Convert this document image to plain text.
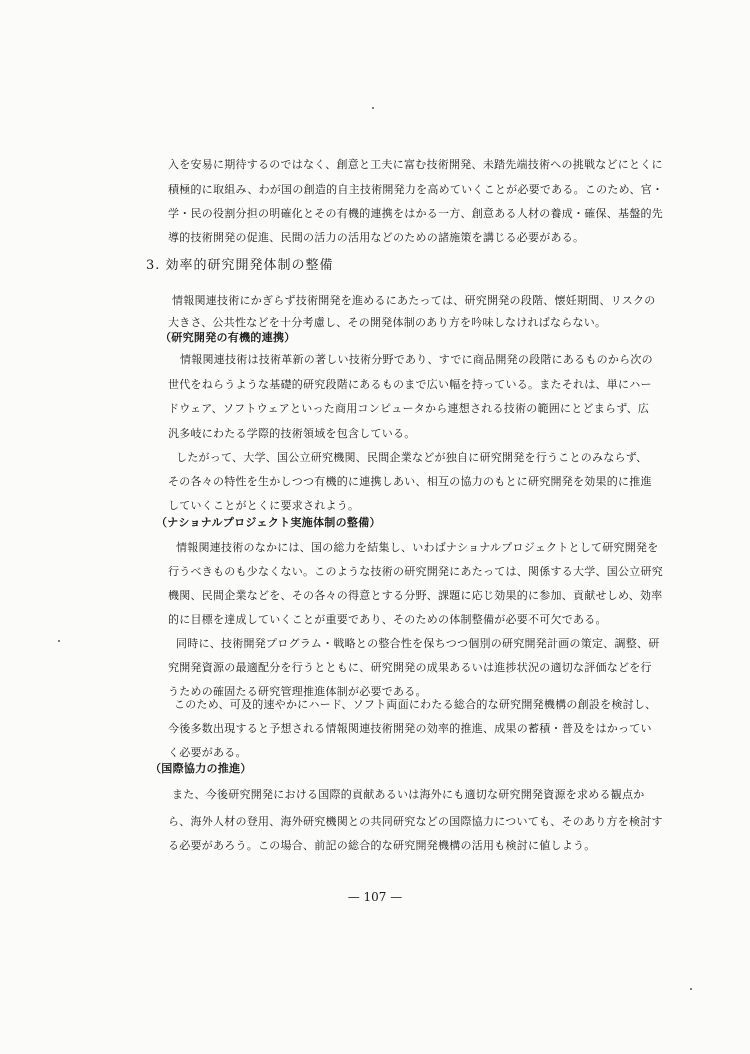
入を安易に期待するのではなく、創意と工夫に富む技術開発、未踏先端技術への挑戦などにとくに
積極的に取組み、わが国の創造的自主技術開発力を高めていくことが必要である。このため、官・
学・民の役割分担の明確化とその有機的連携をはかる一方、創意ある人材の養成・確保、基盤的先
導的技術開発の促進、民間の活力の活用などのための諸施策を講じる必要がある。
3. 効率的研究開発体制の整備
情報関連技術にかぎらず技術開発を進めるにあたっては、研究開発の段階、懐妊期間、リスクの
大きさ、公共性などを十分考慮し、その開発体制のあり方を吟味しなければならない。
（研究開発の有機的連携）
情報関連技術は技術革新の著しい技術分野であり、すでに商品開発の段階にあるものから次の
世代をねらうような基礎的研究段階にあるものまで広い幅を持っている。またそれは、単にハー
ドウェア、ソフトウェアといった商用コンピュータから連想される技術の範囲にとどまらず、広
汎多岐にわたる学際的技術領域を包含している。
したがって、大学、国公立研究機関、民間企業などが独自に研究開発を行うことのみならず、
その各々の特性を生かしつつ有機的に連携しあい、相互の協力のもとに研究開発を効果的に推進
していくことがとくに要求されよう。
（ナショナルプロジェクト実施体制の整備）
情報関連技術のなかには、国の総力を結集し、いわばナショナルプロジェクトとして研究開発を
行うべきものも少なくない。このような技術の研究開発にあたっては、関係する大学、国公立研究
機関、民間企業などを、その各々の得意とする分野、課題に応じ効果的に参加、貢献せしめ、効率
的に目標を達成していくことが重要であり、そのための体制整備が必要不可欠である。
同時に、技術開発プログラム・戦略との整合性を保ちつつ個別の研究開発計画の策定、調整、研
究開発資源の最適配分を行うとともに、研究開発の成果あるいは進捗状況の適切な評価などを行
うための確固たる研究管理推進体制が必要である。
このため、可及的速やかにハード、ソフト両面にわたる総合的な研究開発機構の創設を検討し、
今後多数出現すると予想される情報関連技術開発の効率的推進、成果の蓄積・普及をはかってい
く必要がある。
（国際協力の推進）
また、今後研究開発における国際的貢献あるいは海外にも適切な研究開発資源を求める観点か
ら、海外人材の登用、海外研究機関との共同研究などの国際協力についても、そのあり方を検討す
る必要があろう。この場合、前記の総合的な研究開発機構の活用も検討に値しよう。
— 107 —
